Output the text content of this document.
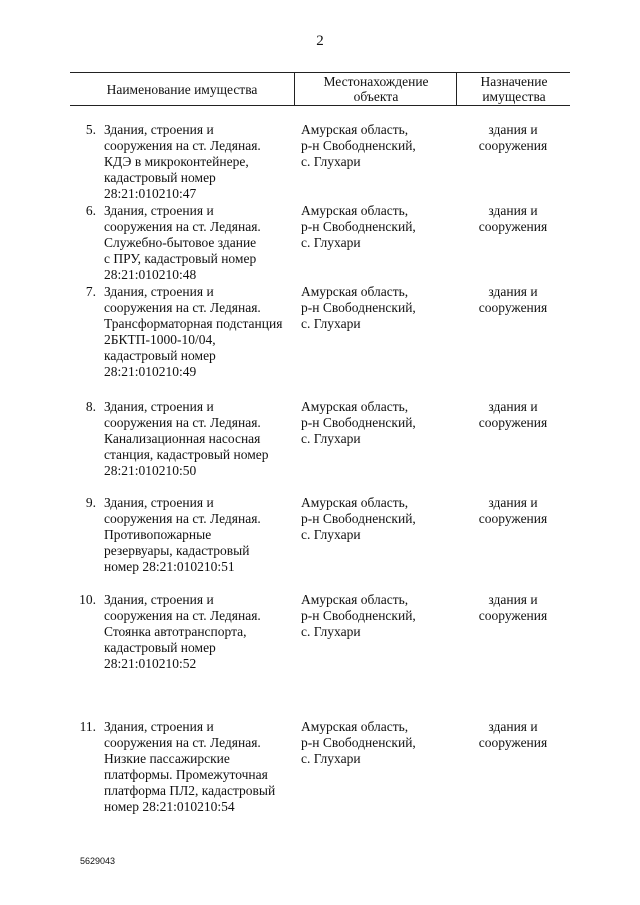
2
Наименование имущества	Местонахождение
объекта
Назначение
имущества
5. Здания, строения и
сооружения на ст. Ледяная.
КДЭ в микроконтейнере,
кадастровый номер
28:21:010210:47
Амурская область,
р-н Свободненский,
с. Глухари
здания и
сооружения
6. Здания, строения и
сооружения на ст. Ледяная.
Служебно-бытовое здание
с ПРУ, кадастровый номер
28:21:010210:48
Амурская область,
р-н Свободненский,
с. Глухари
здания и
сооружения
7. Здания, строения и
сооружения на ст. Ледяная.
Трансформаторная подстанция
2БКТП-1000-10/04,
кадастровый номер
28:21:010210:49
Амурская область,
р-н Свободненский,
с. Глухари
здания и
сооружения
8. Здания, строения и
сооружения на ст. Ледяная.
Канализационная насосная
станция, кадастровый номер
28:21:010210:50
Амурская область,
р-н Свободненский,
с. Глухари
здания и
сооружения
9. Здания, строения и
сооружения на ст. Ледяная.
Противопожарные
резервуары, кадастровый
номер 28:21:010210:51
Амурская область,
р-н Свободненский,
с. Глухари
здания и
сооружения
10. Здания, строения и
сооружения на ст. Ледяная.
Стоянка автотранспорта,
кадастровый номер
28:21:010210:52
Амурская область,
р-н Свободненский,
с. Глухари
здания и
сооружения
11. Здания, строения и
сооружения на ст. Ледяная.
Низкие пассажирские
платформы. Промежуточная
платформа ПЛ2, кадастровый
номер 28:21:010210:54
Амурская область,
р-н Свободненский,
с. Глухари
здания и
сооружения
5629043
